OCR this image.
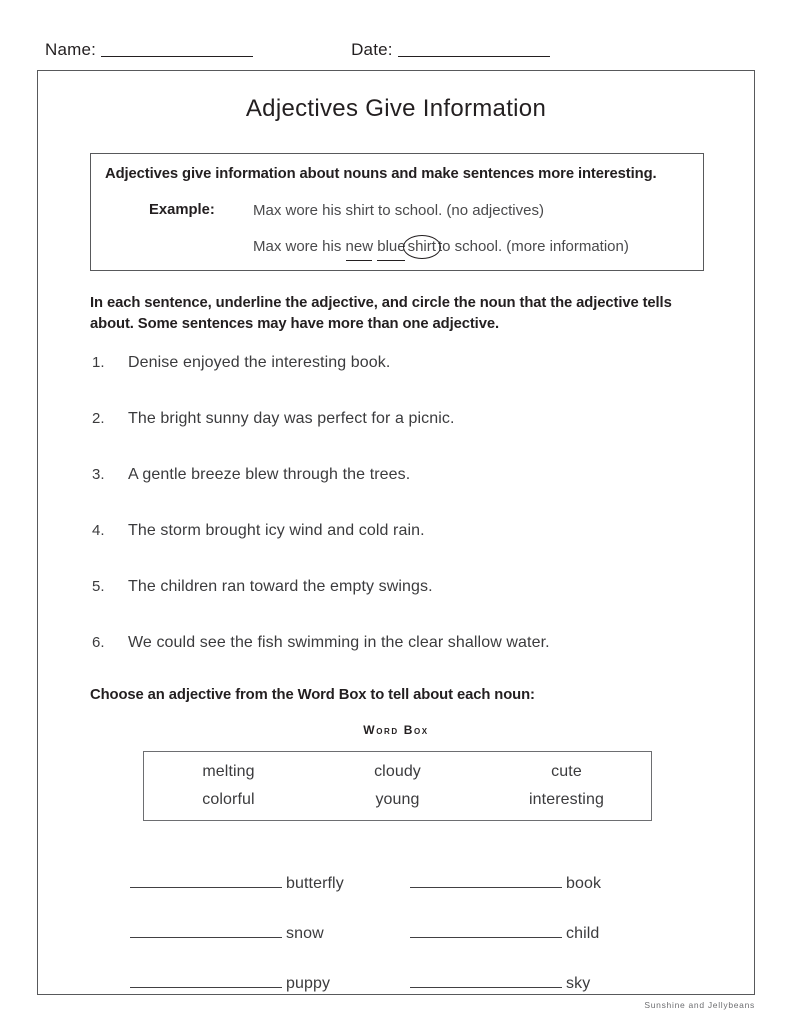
Name:	Date:
Adjectives Give Information
Adjectives give information about nouns and make sentences more interesting.
Example:	Max wore his shirt to school. (no adjectives)
Max wore his new blue shirt to school. (more information)
In each sentence, underline the adjective, and circle the noun that the adjective tells about. Some sentences may have more than one adjective.
1.	Denise enjoyed the interesting book.
2.	The bright sunny day was perfect for a picnic.
3.	A gentle breeze blew through the trees.
4.	The storm brought icy wind and cold rain.
5.	The children ran toward the empty swings.
6.	We could see the fish swimming in the clear shallow water.
Choose an adjective from the Word Box to tell about each noun:
Word Box
melting	cloudy	cute
colorful	young	interesting
butterfly	book
snow	child
puppy	sky
Sunshine and Jellybeans
